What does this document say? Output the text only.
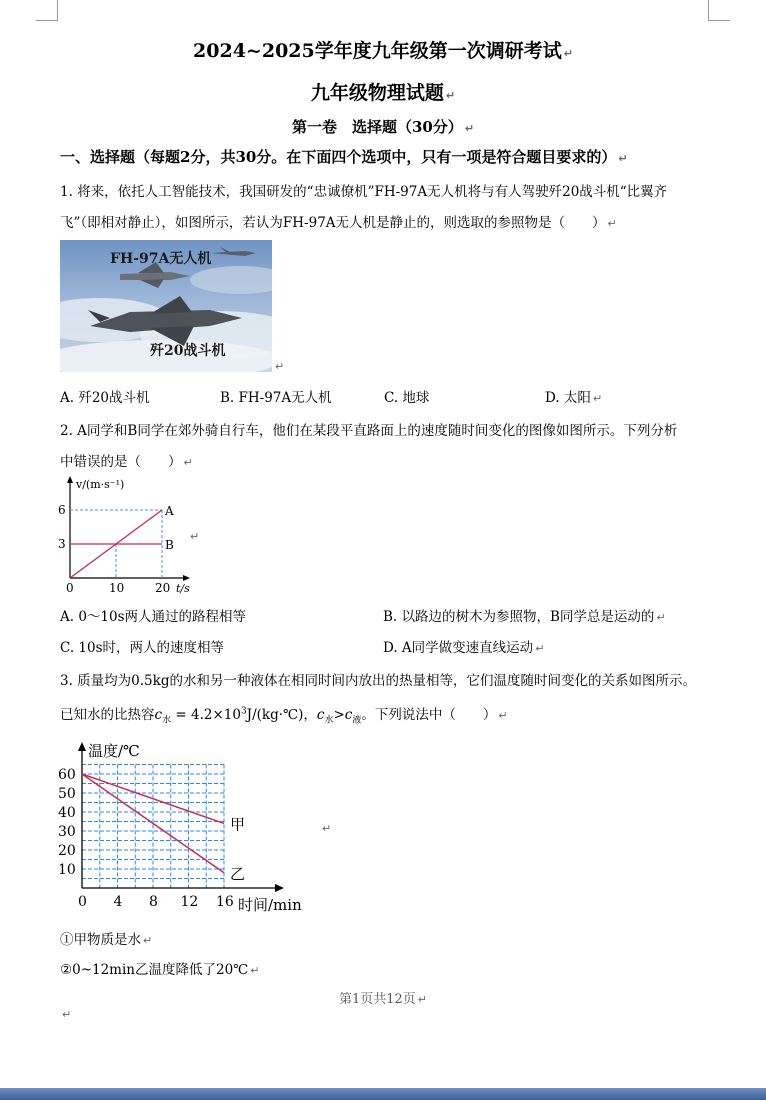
2024~2025学年度九年级第一次调研考试 ↵
九年级物理试题 ↵
第一卷　选择题（30分） ↵
一、选择题（每题2分，共30分。在下面四个选项中，只有一项是符合题目要求的） ↵
1. 将来，依托人工智能技术，我国研发的“忠诚僚机”FH-97A无人机将与有人驾驶歼20战斗机“比翼齐
飞”（即相对静止），如图所示，若认为FH-97A无人机是静止的，则选取的参照物是（　　） ↵
FH-97A无人机
歼20战斗机
↵
A. 歼20战斗机	B. FH-97A无人机	C. 地球	D. 太阳 ↵
2. A同学和B同学在郊外骑自行车，他们在某段平直路面上的速度随时间变化的图像如图所示。下列分析
中错误的是（　　） ↵
v/(m·s⁻¹)
t/s
0	10	20
3
6	A
B
↵
A. 0～10s两人通过的路程相等	B. 以路边的树木为参照物，B同学总是运动的 ↵
C. 10s时，两人的速度相等	D. A同学做变速直线运动 ↵
3. 质量均为0.5kg的水和另一种液体在相同时间内放出的热量相等，它们温度随时间变化的关系如图所示。
已知水的比热容$c_水$ = $4.2\times 10^3J/(kg\cdot℃)$，$c_水>c_液$。下列说法中（　　） ↵
温度/℃
时间/min
0 4 8 12 16
10
20
30
40
50
60
甲
乙
↵
①甲物质是水 ↵
②0~12min乙温度降低了20℃ ↵
第1页共12页 ↵
↵
